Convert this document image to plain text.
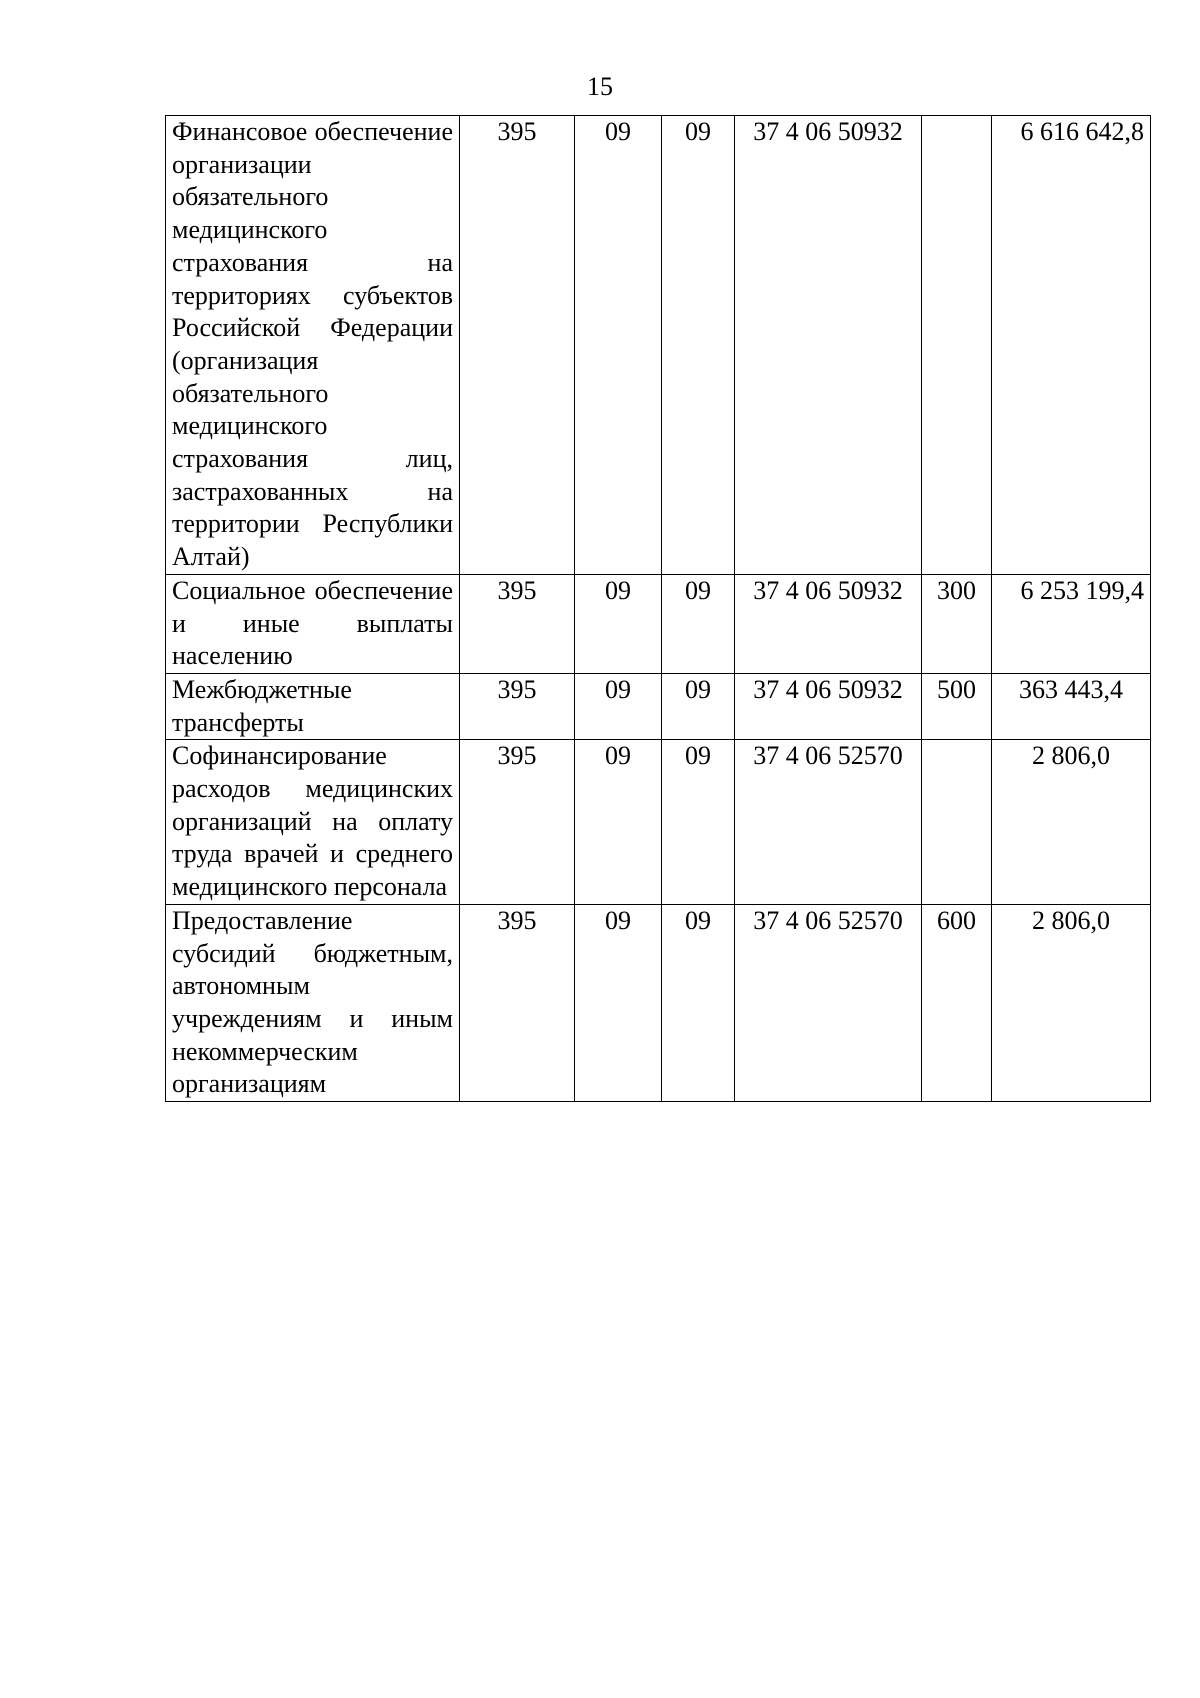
15
Финансовое обеспечение организации обязательного медицинского страхования на территориях субъектов Российской Федерации (организация обязательного медицинского страхования лиц, застрахованных на территории Республики Алтай)	395	09	09	37 4 06 50932		6 616 642,8
Социальное обеспечение и иные выплаты населению	395	09	09	37 4 06 50932	300	6 253 199,4
Межбюджетные трансферты	395	09	09	37 4 06 50932	500	363 443,4
Софинансирование расходов медицинских организаций на оплату труда врачей и среднего медицинского персонала	395	09	09	37 4 06 52570		2 806,0
Предоставление субсидий бюджетным, автономным учреждениям и иным некоммерческим организациям	395	09	09	37 4 06 52570	600	2 806,0
